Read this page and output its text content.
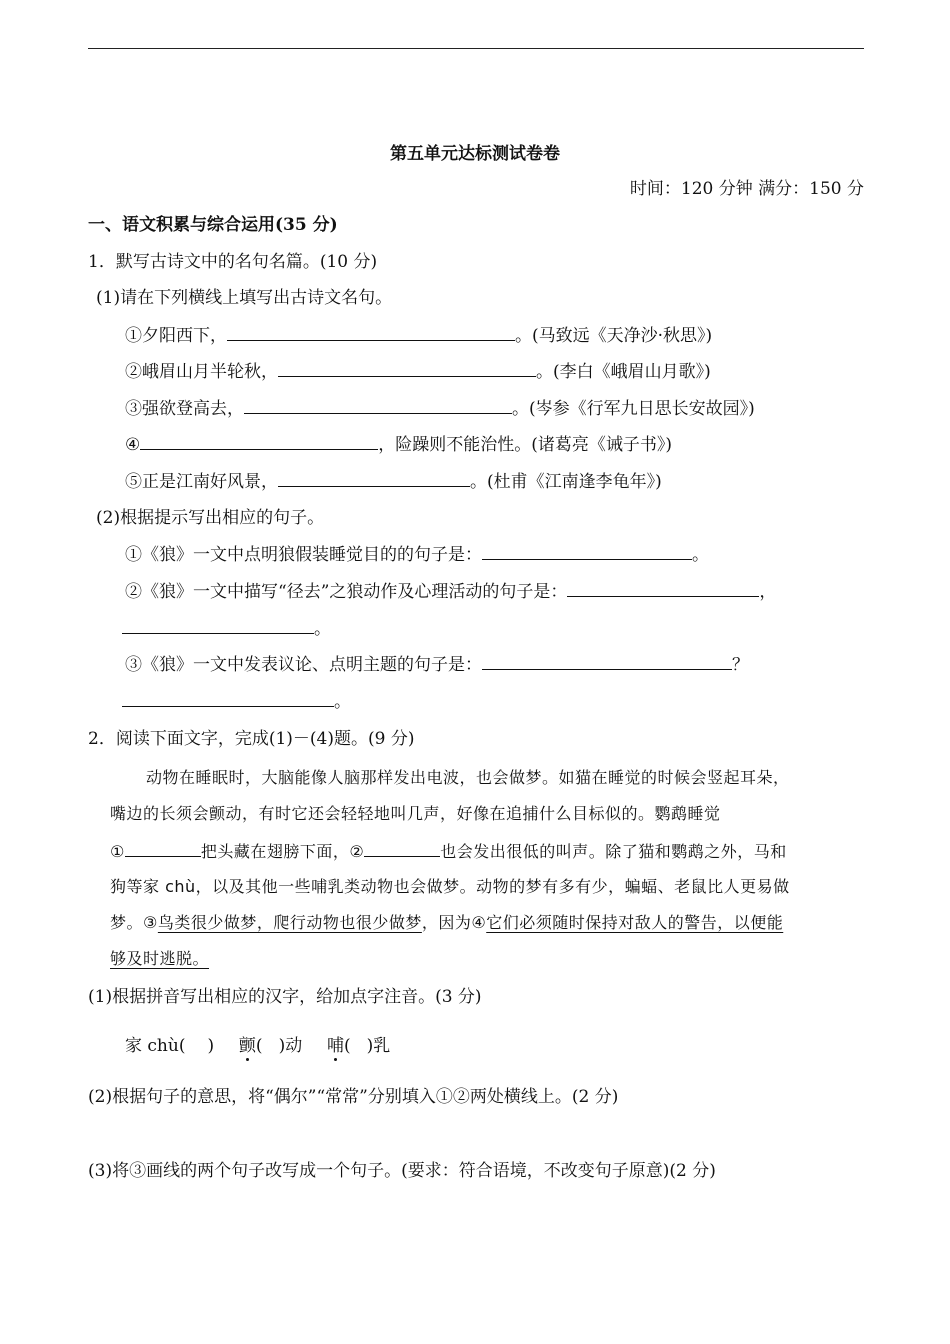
第五单元达标测试卷卷
时间：120 分钟 满分：150 分
一、语文积累与综合运用(35 分)
1．默写古诗文中的名句名篇。(10 分)
(1)请在下列横线上填写出古诗文名句。
①夕阳西下，	。(马致远《天净沙·秋思》)
②峨眉山月半轮秋，	。(李白《峨眉山月歌》)
③强欲登高去，	。(岑参《行军九日思长安故园》)
④	，险躁则不能治性。(诸葛亮《诫子书》)
⑤正是江南好风景，	。(杜甫《江南逢李龟年》)
(2)根据提示写出相应的句子。
①《狼》一文中点明狼假装睡觉目的的句子是：	。
②《狼》一文中描写“径去”之狼动作及心理活动的句子是：	，
。
③《狼》一文中发表议论、点明主题的句子是：	？
。
2．阅读下面文字，完成(1)－(4)题。(9 分)
动物在睡眠时，大脑能像人脑那样发出电波，也会做梦。如猫在睡觉的时候会竖起耳朵，
嘴边的长须会颤动，有时它还会轻轻地叫几声，好像在追捕什么目标似的。鹦鹉睡觉
①	把头藏在翅膀下面，②	也会发出很低的叫声。除了猫和鹦鹉之外，马和
狗等家 chù，以及其他一些哺乳类动物也会做梦。动物的梦有多有少，蝙蝠、老鼠比人更易做
梦。③鸟类很少做梦，爬行动物也很少做梦，因为④它们必须随时保持对敌人的警告，以便能
够及时逃脱。
(1)根据拼音写出相应的汉字，给加点字注音。(3 分)
家 chù( ) 颤( )动 哺( )乳
(2)根据句子的意思，将“偶尔”“常常”分别填入①②两处横线上。(2 分)
(3)将③画线的两个句子改写成一个句子。(要求：符合语境，不改变句子原意)(2 分)
